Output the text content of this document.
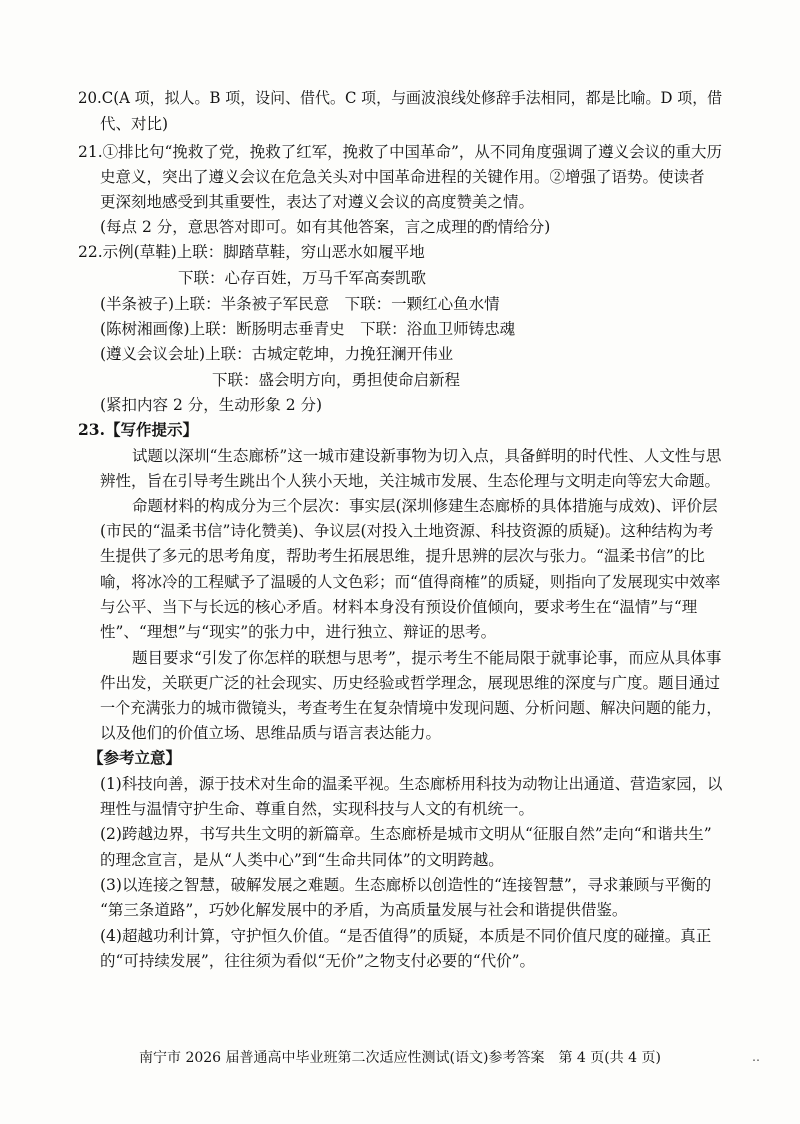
20.C(A 项，拟人。B 项，设问、借代。C 项，与画波浪线处修辞手法相同，都是比喻。D 项，借
代、对比)
21.①排比句“挽救了党，挽救了红军，挽救了中国革命”，从不同角度强调了遵义会议的重大历
史意义，突出了遵义会议在危急关头对中国革命进程的关键作用。②增强了语势。使读者
更深刻地感受到其重要性，表达了对遵义会议的高度赞美之情。
(每点 2 分，意思答对即可。如有其他答案，言之成理的酌情给分)
22.示例(草鞋)上联：脚踏草鞋，穷山恶水如履平地
下联：心存百姓，万马千军高奏凯歌
(半条被子)上联：半条被子军民意　下联：一颗红心鱼水情
(陈树湘画像)上联：断肠明志垂青史　下联：浴血卫师铸忠魂
(遵义会议会址)上联：古城定乾坤，力挽狂澜开伟业
下联：盛会明方向，勇担使命启新程
(紧扣内容 2 分，生动形象 2 分)
23.【写作提示】
试题以深圳“生态廊桥”这一城市建设新事物为切入点，具备鲜明的时代性、人文性与思
辨性，旨在引导考生跳出个人狭小天地，关注城市发展、生态伦理与文明走向等宏大命题。
命题材料的构成分为三个层次：事实层(深圳修建生态廊桥的具体措施与成效)、评价层
(市民的“温柔书信”诗化赞美)、争议层(对投入土地资源、科技资源的质疑)。这种结构为考
生提供了多元的思考角度，帮助考生拓展思维，提升思辨的层次与张力。“温柔书信”的比
喻，将冰冷的工程赋予了温暖的人文色彩；而“值得商榷”的质疑，则指向了发展现实中效率
与公平、当下与长远的核心矛盾。材料本身没有预设价值倾向，要求考生在“温情”与“理
性”、“理想”与“现实”的张力中，进行独立、辩证的思考。
题目要求“引发了你怎样的联想与思考”，提示考生不能局限于就事论事，而应从具体事
件出发，关联更广泛的社会现实、历史经验或哲学理念，展现思维的深度与广度。题目通过
一个充满张力的城市微镜头，考查考生在复杂情境中发现问题、分析问题、解决问题的能力，
以及他们的价值立场、思维品质与语言表达能力。
【参考立意】
(1)科技向善，源于技术对生命的温柔平视。生态廊桥用科技为动物让出通道、营造家园，以
理性与温情守护生命、尊重自然，实现科技与人文的有机统一。
(2)跨越边界，书写共生文明的新篇章。生态廊桥是城市文明从“征服自然”走向“和谐共生”
的理念宣言，是从“人类中心”到“生命共同体”的文明跨越。
(3)以连接之智慧，破解发展之难题。生态廊桥以创造性的“连接智慧”，寻求兼顾与平衡的
“第三条道路”，巧妙化解发展中的矛盾，为高质量发展与社会和谐提供借鉴。
(4)超越功利计算，守护恒久价值。“是否值得”的质疑，本质是不同价值尺度的碰撞。真正
的“可持续发展”，往往须为看似“无价”之物支付必要的“代价”。
南宁市 2026 届普通高中毕业班第二次适应性测试(语文)参考答案　第 4 页(共 4 页)	‥
